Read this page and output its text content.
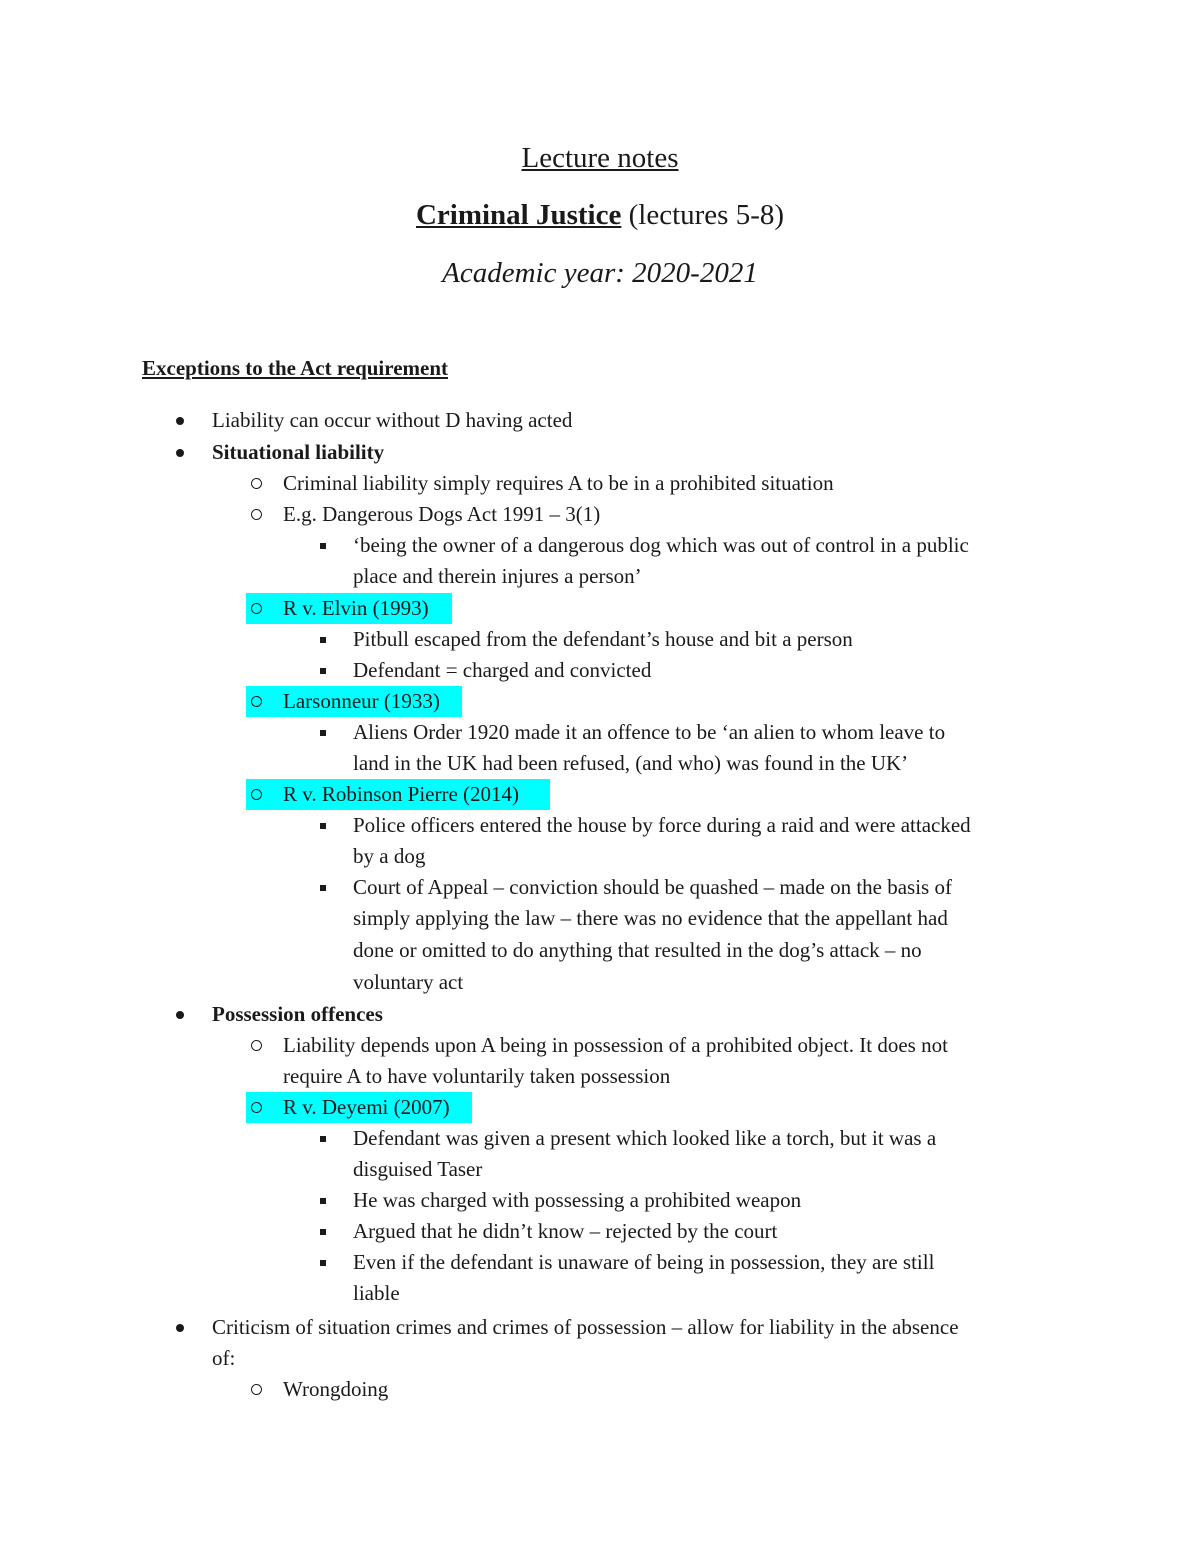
Lecture notes

Criminal Justice (lectures 5-8)

Academic year: 2020-2021

Exceptions to the Act requirement

Liability can occur without D having acted
Situational liability
Criminal liability simply requires A to be in a prohibited situation
E.g. Dangerous Dogs Act 1991 – 3(1)
‘being the owner of a dangerous dog which was out of control in a public
place and therein injures a person’
R v. Elvin (1993)
Pitbull escaped from the defendant’s house and bit a person
Defendant = charged and convicted
Larsonneur (1933)
Aliens Order 1920 made it an offence to be ‘an alien to whom leave to
land in the UK had been refused, (and who) was found in the UK’
R v. Robinson Pierre (2014)
Police officers entered the house by force during a raid and were attacked
by a dog
Court of Appeal – conviction should be quashed – made on the basis of
simply applying the law – there was no evidence that the appellant had
done or omitted to do anything that resulted in the dog’s attack – no
voluntary act
Possession offences
Liability depends upon A being in possession of a prohibited object. It does not
require A to have voluntarily taken possession
R v. Deyemi (2007)
Defendant was given a present which looked like a torch, but it was a
disguised Taser
He was charged with possessing a prohibited weapon
Argued that he didn’t know – rejected by the court
Even if the defendant is unaware of being in possession, they are still
liable
Criticism of situation crimes and crimes of possession – allow for liability in the absence
of:
Wrongdoing
